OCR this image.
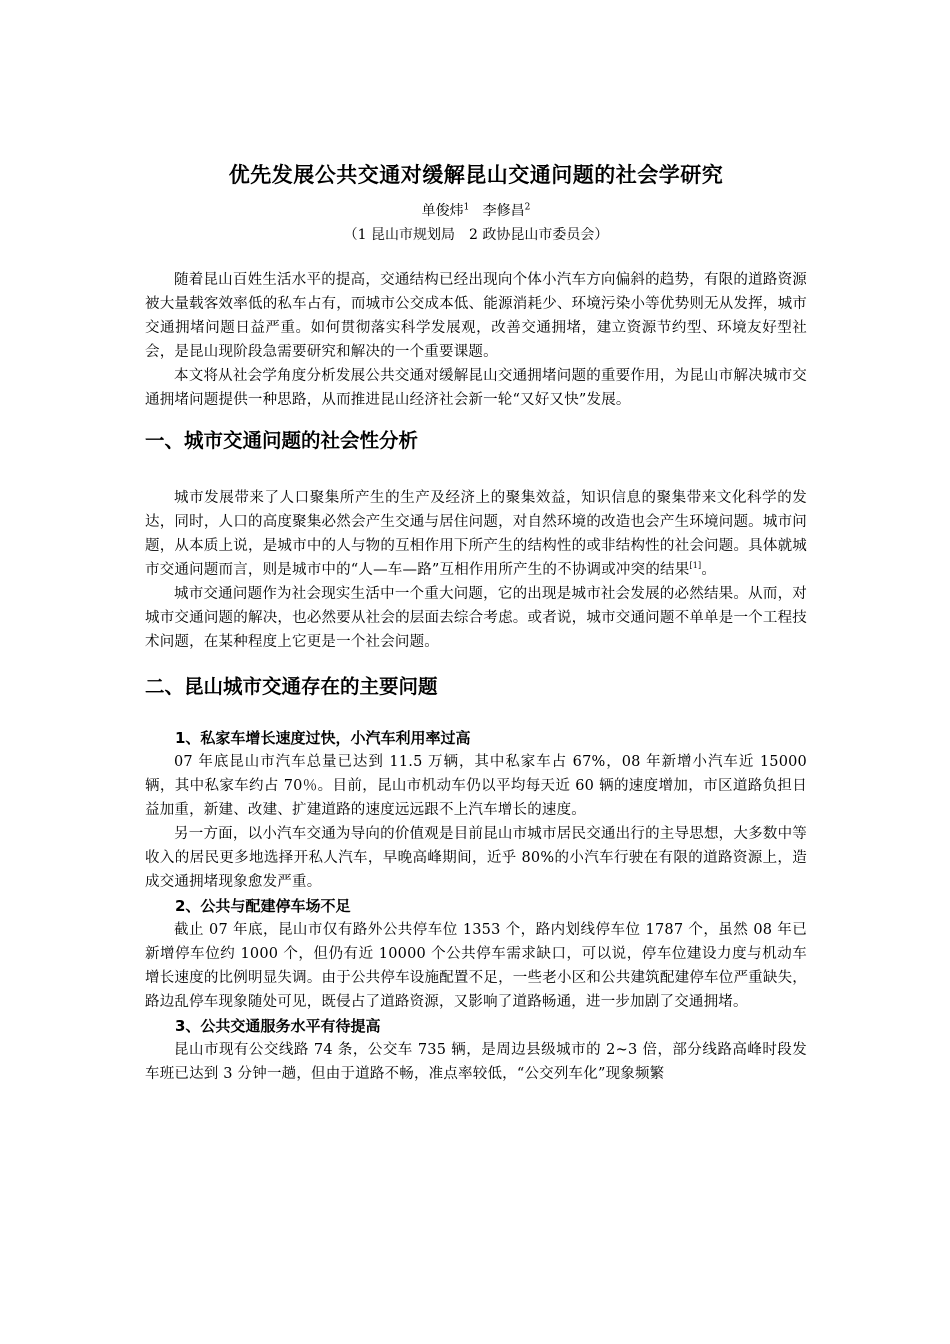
优先发展公共交通对缓解昆山交通问题的社会学研究
单俊炜$^1$ 李修昌$^2$
（1 昆山市规划局　2 政协昆山市委员会）

随着昆山百姓生活水平的提高，交通结构已经出现向个体小汽车方向偏斜的趋势，有限的道路资源被大量载客效率低的私车占有，而城市公交成本低、能源消耗少、环境污染小等优势则无从发挥，城市交通拥堵问题日益严重。如何贯彻落实科学发展观，改善交通拥堵，建立资源节约型、环境友好型社会，是昆山现阶段急需要研究和解决的一个重要课题。

本文将从社会学角度分析发展公共交通对缓解昆山交通拥堵问题的重要作用，为昆山市解决城市交通拥堵问题提供一种思路，从而推进昆山经济社会新一轮“又好又快”发展。

一、城市交通问题的社会性分析

城市发展带来了人口聚集所产生的生产及经济上的聚集效益，知识信息的聚集带来文化科学的发达，同时，人口的高度聚集必然会产生交通与居住问题，对自然环境的改造也会产生环境问题。城市问题，从本质上说，是城市中的人与物的互相作用下所产生的结构性的或非结构性的社会问题。具体就城市交通问题而言，则是城市中的“人—车—路”互相作用所产生的不协调或冲突的结果[1]。

城市交通问题作为社会现实生活中一个重大问题，它的出现是城市社会发展的必然结果。从而，对城市交通问题的解决，也必然要从社会的层面去综合考虑。或者说，城市交通问题不单单是一个工程技术问题，在某种程度上它更是一个社会问题。

二、昆山城市交通存在的主要问题
1、私家车增长速度过快，小汽车利用率过高

07 年底昆山市汽车总量已达到 11.5 万辆，其中私家车占 67%，08 年新增小汽车近 15000 辆，其中私家车约占 70％。目前，昆山市机动车仍以平均每天近 60 辆的速度增加，市区道路负担日益加重，新建、改建、扩建道路的速度远远跟不上汽车增长的速度。

另一方面，以小汽车交通为导向的价值观是目前昆山市城市居民交通出行的主导思想，大多数中等收入的居民更多地选择开私人汽车，早晚高峰期间，近乎 80%的小汽车行驶在有限的道路资源上，造成交通拥堵现象愈发严重。

2、公共与配建停车场不足

截止 07 年底，昆山市仅有路外公共停车位 1353 个，路内划线停车位 1787 个，虽然 08 年已新增停车位约 1000 个，但仍有近 10000 个公共停车需求缺口，可以说，停车位建设力度与机动车增长速度的比例明显失调。由于公共停车设施配置不足，一些老小区和公共建筑配建停车位严重缺失，路边乱停车现象随处可见，既侵占了道路资源，又影响了道路畅通，进一步加剧了交通拥堵。

3、公共交通服务水平有待提高

昆山市现有公交线路 74 条，公交车 735 辆，是周边县级城市的 2~3 倍，部分线路高峰时段发车班已达到 3 分钟一趟，但由于道路不畅，准点率较低，“公交列车化”现象频繁
